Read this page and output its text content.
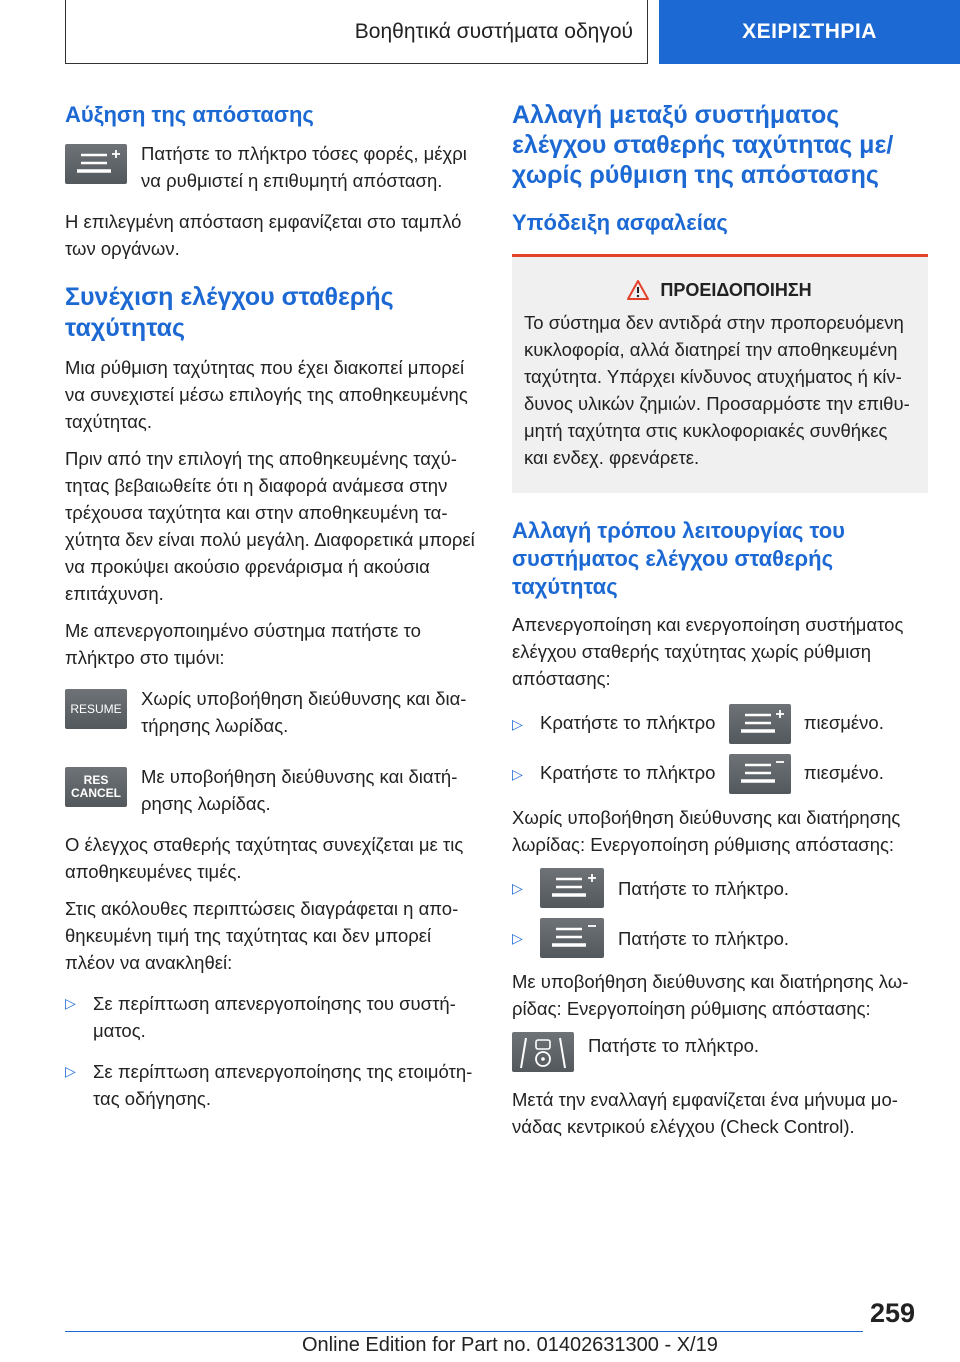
Βοηθητικά συστήματα οδηγού	ΧΕΙΡΙΣΤΗΡΙΑ
Αύξηση της απόστασης

Πατήστε το πλήκτρο τόσες φορές, μέχρι να ρυθμιστεί η επιθυμητή απόσταση.

Η επιλεγμένη απόσταση εμφανίζεται στο ταμπλό των οργάνων.

Συνέχιση ελέγχου σταθερής ταχύτητας

Μια ρύθμιση ταχύτητας που έχει διακοπεί μπορεί να συνεχιστεί μέσω επιλογής της αποθηκευμένης ταχύτητας.

Πριν από την επιλογή της αποθηκευμένης ταχύτητας βεβαιωθείτε ότι η διαφορά ανάμεσα στην τρέχουσα ταχύτητα και στην αποθηκευμένη ταχύτητα δεν είναι πολύ μεγάλη. Διαφορετικά μπορεί να προκύψει ακούσιο φρενάρισμα ή ακούσια επιτάχυνση.

Με απενεργοποιημένο σύστημα πατήστε το πλήκτρο στο τιμόνι:

RESUME Χωρίς υποβοήθηση διεύθυνσης και διατήρησης λωρίδας.

RES
CANCEL

Με υποβοήθηση διεύθυνσης και διατήρησης λωρίδας.

Ο έλεγχος σταθερής ταχύτητας συνεχίζεται με τις αποθηκευμένες τιμές.

Στις ακόλουθες περιπτώσεις διαγράφεται η αποθηκευμένη τιμή της ταχύτητας και δεν μπορεί πλέον να ανακληθεί:

▷ Σε περίπτωση απενεργοποίησης του συστήματος.

▷ Σε περίπτωση απενεργοποίησης της ετοιμότητας οδήγησης.

Αλλαγή μεταξύ συστήματος ελέγχου σταθερής ταχύτητας με/χωρίς ρύθμιση της απόστασης
Υπόδειξη ασφαλείας
ΠΡΟΕΙΔΟΠΟΙΗΣΗ

Το σύστημα δεν αντιδρά στην προπορευόμενη κυκλοφορία, αλλά διατηρεί την αποθηκευμένη ταχύτητα. Υπάρχει κίνδυνος ατυχήματος ή κίνδυνος υλικών ζημιών. Προσαρμόστε την επιθυμητή ταχύτητα στις κυκλοφοριακές συνθήκες και ενδεχ. φρενάρετε.

Αλλαγή τρόπου λειτουργίας του συστήματος ελέγχου σταθερής ταχύτητας

Απενεργοποίηση και ενεργοποίηση συστήματος ελέγχου σταθερής ταχύτητας χωρίς ρύθμιση απόστασης:

▷ Κρατήστε το πλήκτρο	πιεσμένο.

▷ Κρατήστε το πλήκτρο	πιεσμένο.

Χωρίς υποβοήθηση διεύθυνσης και διατήρησης λωρίδας: Ενεργοποίηση ρύθμισης απόστασης:

▷	Πατήστε το πλήκτρο.

▷	Πατήστε το πλήκτρο.

Με υποβοήθηση διεύθυνσης και διατήρησης λωρίδας: Ενεργοποίηση ρύθμισης απόστασης:

Πατήστε το πλήκτρο.

Μετά την εναλλαγή εμφανίζεται ένα μήνυμα μονάδας κεντρικού ελέγχου (Check Control).

259
Online Edition for Part no. 01402631300 - X/19
